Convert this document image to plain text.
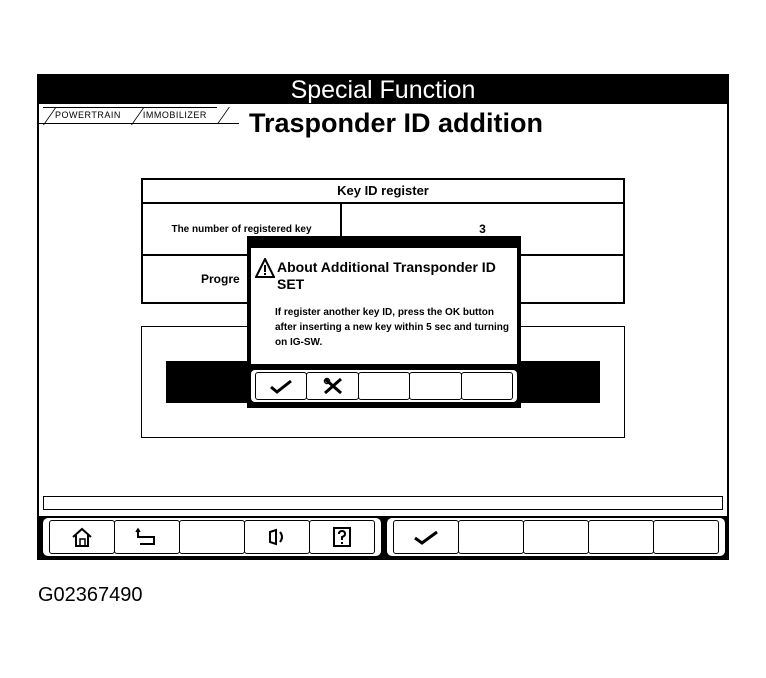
Special Function
POWERTRAIN	IMMOBILIZER	Trasponder ID addition
Key ID register
The number of registered key	3
Progre
About Additional Transponder ID SET
If register another key ID, press the OK button after inserting a new key within 5 sec and turning on IG-SW.
G02367490
